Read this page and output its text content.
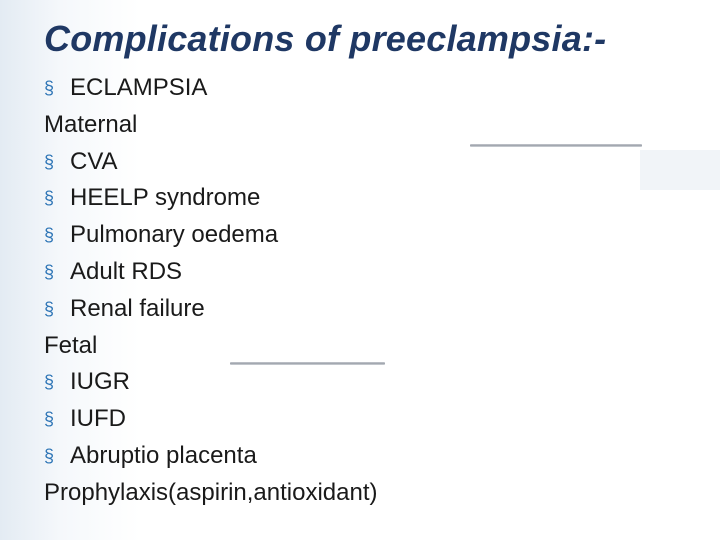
Complications of preeclampsia:-
§ ECLAMPSIA
Maternal
§ CVA
§ HEELP syndrome
§ Pulmonary oedema
§ Adult RDS
§ Renal failure
Fetal
§ IUGR
§ IUFD
§ Abruptio placenta
Prophylaxis(aspirin,antioxidant)
